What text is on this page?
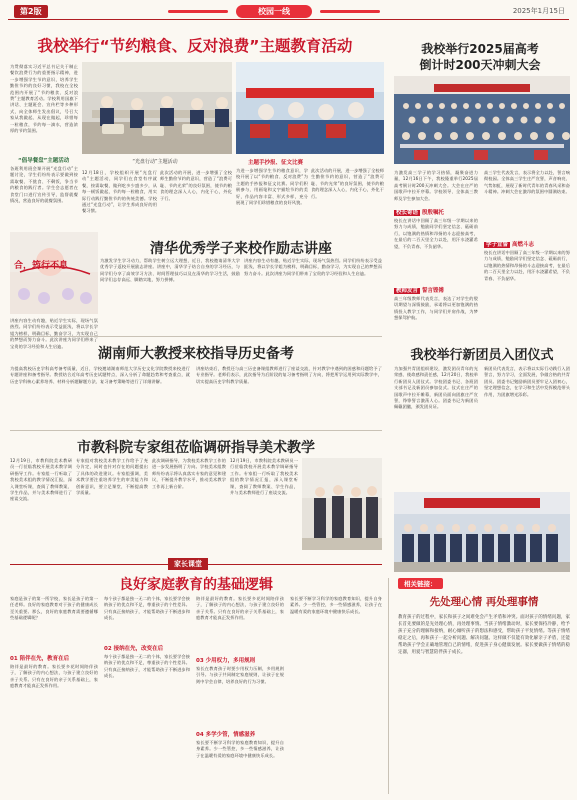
第2版	校园一线	2025年1月15日
我校举行“节约粮食、反对浪费”主题教育活动
为贯彻落实习近平总书记关于制止餐饮浪费行为的重要指示精神，进一步增强学生节约意识，培养学生勤俭节约的良好习惯，我校在全校范围内开展了“节约粮食、反对浪费”主题教育活动。学校利用国旗下讲话、主题班会、宣传栏等多种形式，向全体师生发出倡议，号召大家从我做起、从现在做起，珍惜每一粒粮食，节约每一滴水，营造浓厚的节约氛围。
“倡导餐盘”主题活动
各班利用班会课开展“光盘行动”主题讨论，学生们纷纷表示要做到按需取餐、不挑食、不剩饭，争当节约粮食的践行者。学生会志愿者在食堂门口进行宣传引导，监督就餐情况，营造良好的就餐氛围。
“光盘行动”主题活动
12月18日，学校组织开展“光盘行动”主题活动，同学们在食堂有序就餐，按需取餐，做到吃多少盛多少，从每一顿饭做起，节约每一粒粮食，用实际行动践行勤俭节约的传统美德。学校通过“光盘行动”，让学生养成良好的用餐习惯。
此次活动的开展，进一步增强了全校师生勤俭节约的意识，营造了“浪费可耻、节约光荣”的良好氛围，使节约粮食的理念深入人心，内化于心，外化于行。
主题手抄报、征文比赛
为进一步增强学生节约粮食意识，学校开展了以“节约粮食、反对浪费”为主题的手抄报和征文比赛。同学们积极参与，用画笔和文字描绘节约的美好，作品内容丰富、形式多样，充分展现了同学们珍惜粮食的良好风貌。
此次活动的开展，进一步增强了全校师生勤俭节约的意识，营造了“浪费可耻、节约光荣”的良好氛围，使节约粮食的理念深入人心，内化于心，外化于行。
我校举行2025届高考
倒计时200天冲刺大会
为激发高三学子的学习热情，凝聚奋进力量，12月16日下午，我校隆重举行2025届高考倒计时200天冲刺大会。大会在庄严的国歌声中拉开序幕。学校领导、全体高三教师及学生参加大会。
校长寄语 殷殷嘱托
校长在讲话中回顾了高三年级一学期以来的努力与成绩，勉励同学们坚定信念、砥砺前行，以饱满的热情和昂扬的斗志迎接高考，在最后的二百天里全力以赴，用汗水浇灌希望，不负青春、不负韶华。
教师发言 誓言铿锵
高三年级教师代表发言，表达了对学生的殷切期望与深情鼓励，承诺将以更加饱满的热情投入教学工作，与同学们并肩作战，为梦想保驾护航。
高三学生代表发言，表示将全力以赴，誓言响彻校园。全体高三学生庄严宣誓，声音响亮、气势如虹，展现了新时代青年的青春风采和奋斗精神。冲刺大会在激昂的氛围中圆满结束。
学子宣誓 高燃斗志
校长在讲话中回顾了高三年级一学期以来的努力与成绩，勉励同学们坚定信念、砥砺前行，以饱满的热情和昂扬的斗志迎接高考，在最后的二百天里全力以赴，用汗水浇灌希望，不负青春、不负韶华。
合，筠行不息
清华优秀学子来校作励志讲座
为激发学生学习动力，帮助学生树立远大理想，近日，我校邀请清华大学优秀学子返校开展励志讲座。讲座中，清华学子结合自身的学习经历，与同学们分享了高效学习方法、时间管理技巧以及在清华的学习生活，鼓励同学们志存高远、脚踏实地，努力拼搏。
讲座内容生动有趣，贴近学生实际，现场气氛热烈。同学们纷纷表示受益匪浅，将以学长学姐为榜样，明确目标，勤奋学习，为实现自己的梦想而努力奋斗。此次讲座为同学们带来了宝贵的学习经验和人生启迪。
讲座内容生动有趣，贴近学生实际，现场气氛热烈。同学们纷纷表示受益匪浅，将以学长学姐为榜样，明确目标，勤奋学习，为实现自己的梦想而努力奋斗。此次讲座为同学们带来了宝贵的学习经验和人生启迪。	湖南师大教授来校指导历史备考
为提高我校历史学科高考备考质量，近日，学校邀请湖南师范大学历史文化学院教授来校进行专题讲座和备考指导。教授结合近年高考历史试题特点，深入分析了命题趋势和考查重点，就历史学科核心素养培养、材料分析题解题方法、复习备考策略等进行了详细讲解。
讲座结束后，教授还与高三历史备课组教师进行了座谈交流，针对教学中遇到的困惑和问题给予了专业指导。老师们表示，此次指导为后阶段的复习备考指明了方向，将把所学运用到实际教学中，切实提高历史学科教学质量。
我校举行新团员入团仪式
为加强共青团组织建设，激发团员青年的光荣感、使命感和责任感，12月20日，我校举行新团员入团仪式。学校团委书记、各班团支部书记及新团员参加仪式。仪式在庄严的国歌声中拉开帷幕，新团员面向团旗庄严宣誓，铮铮誓言激荡人心。团委书记为新团员佩戴团徽，颁发团员证。
新团员代表发言，表示将以实际行动践行入团誓言，努力学习，全面发展，争做合格的共青团员。团委书记勉励新团员要牢记入团初心，坚定理想信念，在学习和生活中发挥模范带头作用，为团旗增光添彩。
市教科院专家组莅临调研指导美术教学
12月19日，市教科院美术教研员一行莅临我校开展美术教学调研指导工作。专家组一行听取了我校美术组的教学情况汇报，深入课堂听课，查阅了教师教案、学生作品，并与美术教师进行了座谈交流。
专家组对我校美术教学工作给予了充分肯定，同时也针对存在的问题提出了具体的改进建议。专家组强调，美术教学要注重培养学生的审美能力和创新意识，要立足课堂，不断提高教学质量。
此次调研指导，为我校美术教学工作的进一步发展指明了方向。学校美术组教师纷纷表示将认真落实专家的意见和建议，不断提升教学水平，推动美术教学工作再上新台阶。
12月19日，市教科院美术教研员一行莅临我校开展美术教学调研指导工作。专家组一行听取了我校美术组的教学情况汇报，深入课堂听课，查阅了教师教案、学生作品，并与美术教师进行了座谈交流。
家长课堂
良好家庭教育的基础逻辑
家庭是孩子的第一所学校，家长是孩子的第一任老师。良好的家庭教育对于孩子的健康成长至关重要。那么，良好的家庭教育需要遵循哪些基础逻辑呢？
01 陪伴在先，教育在后
陪伴是最好的教育。家长要多花时间陪伴孩子，了解孩子的内心想法，与孩子建立良好的亲子关系。只有在良好的亲子关系基础上，家庭教育才能真正发挥作用。
每个孩子都是独一无二的个体，家长要学会接纳孩子的优点和不足，尊重孩子的个性差异。只有真正接纳孩子，才能帮助孩子不断进步和成长。
02 接纳在先，改变在后
每个孩子都是独一无二的个体，家长要学会接纳孩子的优点和不足，尊重孩子的个性差异。只有真正接纳孩子，才能帮助孩子不断进步和成长。
陪伴是最好的教育。家长要多花时间陪伴孩子，了解孩子的内心想法，与孩子建立良好的亲子关系。只有在良好的亲子关系基础上，家庭教育才能真正发挥作用。
03 少用权力，多用规则
家长在教育孩子时要少用权力压制，多用规则引导。与孩子共同制定家庭规则，让孩子在规则中学会自律，培养良好的行为习惯。
04 多学少管，情感滋养
家长要不断学习科学的家庭教育知识，提升自身素养。少一些管控，多一些情感滋养，让孩子在温暖有爱的家庭环境中健康快乐成长。
家长要不断学习科学的家庭教育知识，提升自身素养。少一些管控，多一些情感滋养，让孩子在温暖有爱的家庭环境中健康快乐成长。
相关链接：
先处理心情 再处理事情
教育孩子的过程中，家长和孩子之间难免会产生矛盾和冲突。面对孩子的情绪问题，家长首先要做的是先处理心情，再处理事情。当孩子情绪激动时，家长要保持冷静，给予孩子充分的理解和接纳，耐心倾听孩子的想法和感受，帮助孩子平复情绪。等孩子情绪稳定之后，再和孩子一起分析问题、解决问题。这样做不仅能有效化解亲子矛盾，还能帮助孩子学会正确地管理自己的情绪，促进孩子身心健康发展。家长要做孩子情绪的稳定器，用爱与智慧陪伴孩子成长。
